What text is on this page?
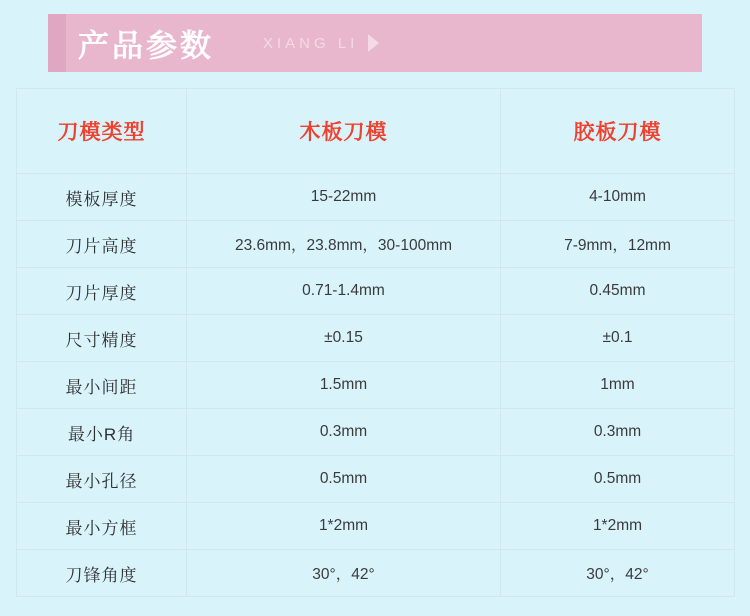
产品参数	XIANG LI
刀模类型	木板刀模	胶板刀模
模板厚度	15-22mm	4-10mm
刀片高度	23.6mm，23.8mm，30-100mm	7-9mm，12mm
刀片厚度	0.71-1.4mm	0.45mm
尺寸精度	±0.15	±0.1
最小间距	1.5mm	1mm
最小R角	0.3mm	0.3mm
最小孔径	0.5mm	0.5mm
最小方框	1*2mm	1*2mm
刀锋角度	30°，42°	30°，42°
